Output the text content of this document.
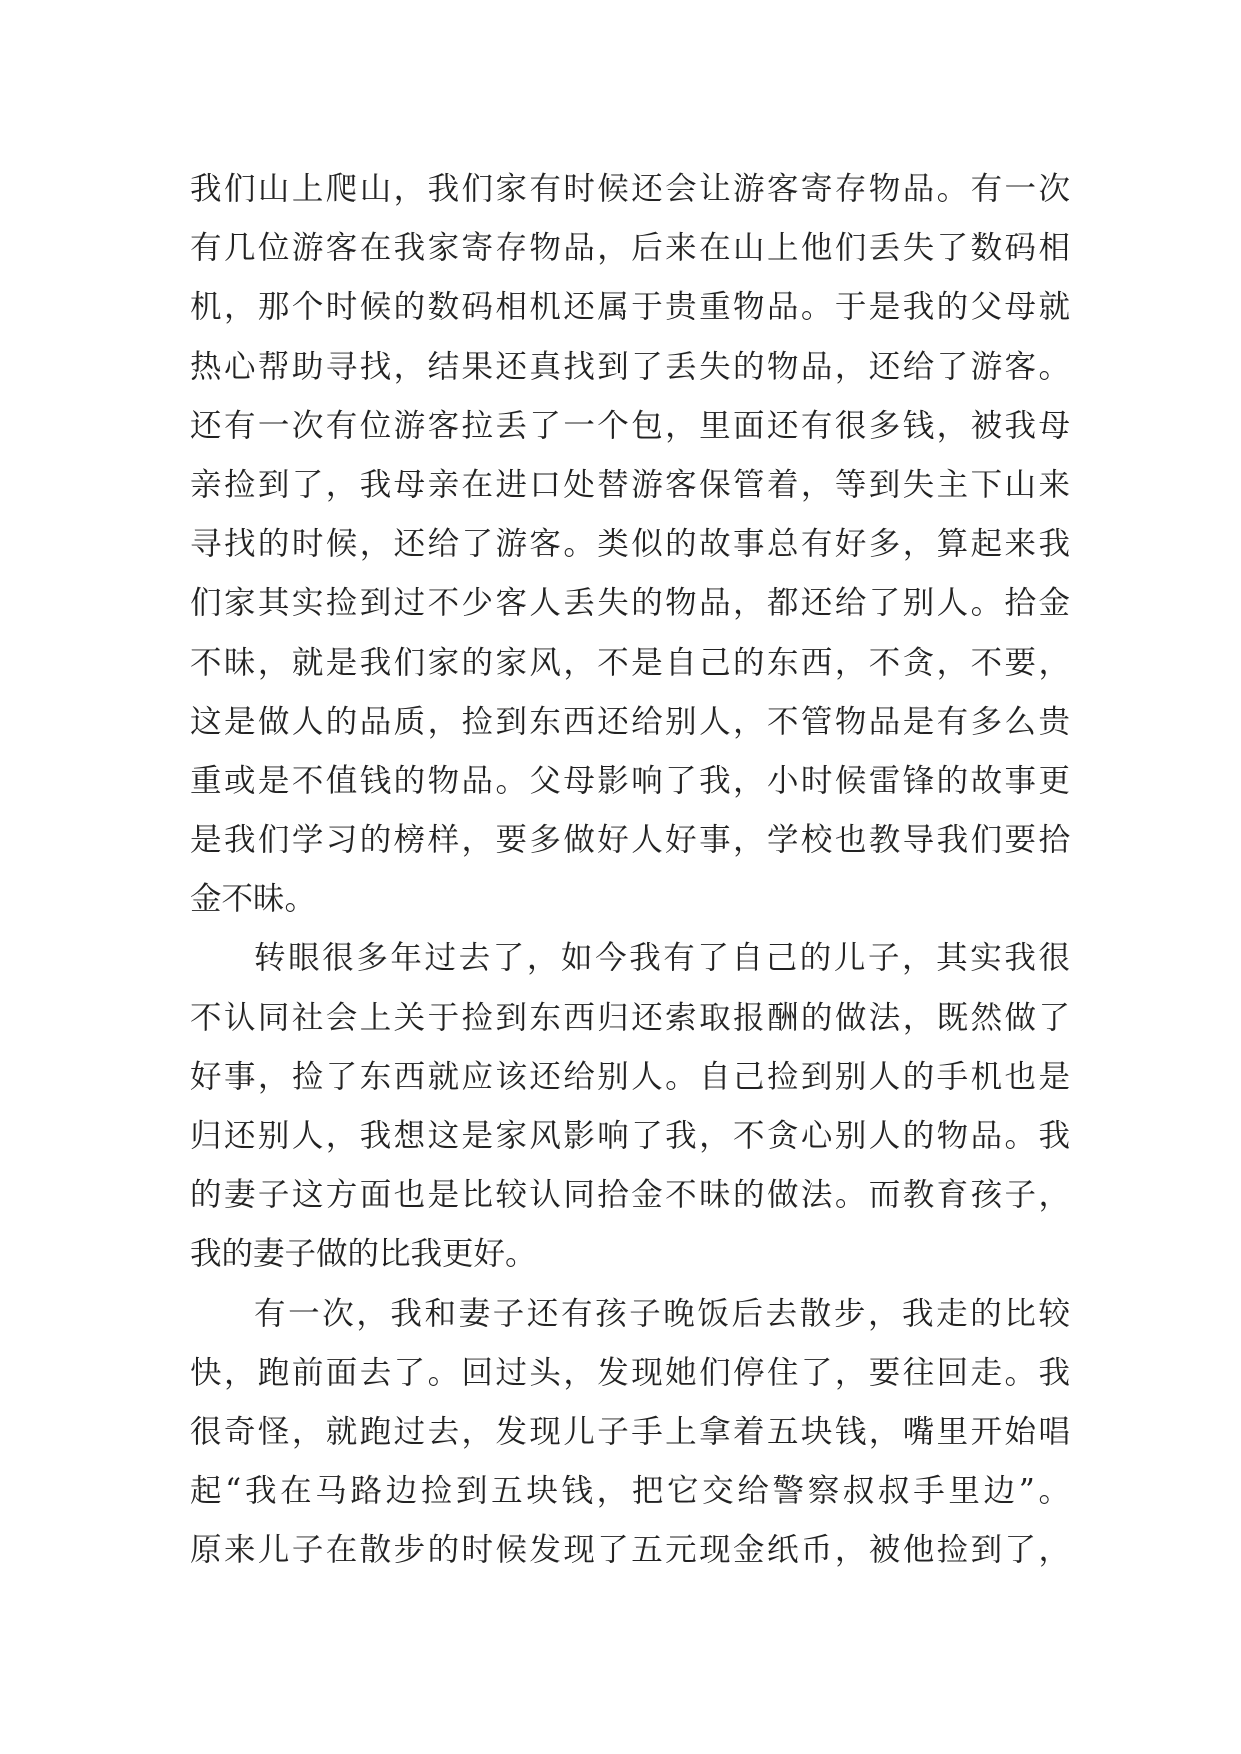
我们山上爬山，我们家有时候还会让游客寄存物品。有一次
有几位游客在我家寄存物品，后来在山上他们丢失了数码相
机，那个时候的数码相机还属于贵重物品。于是我的父母就
热心帮助寻找，结果还真找到了丢失的物品，还给了游客。
还有一次有位游客拉丢了一个包，里面还有很多钱，被我母
亲捡到了，我母亲在进口处替游客保管着，等到失主下山来
寻找的时候，还给了游客。类似的故事总有好多，算起来我
们家其实捡到过不少客人丢失的物品，都还给了别人。拾金
不昧，就是我们家的家风，不是自己的东西，不贪，不要，
这是做人的品质，捡到东西还给别人，不管物品是有多么贵
重或是不值钱的物品。父母影响了我，小时候雷锋的故事更
是我们学习的榜样，要多做好人好事，学校也教导我们要拾
金不昧。
转眼很多年过去了，如今我有了自己的儿子，其实我很
不认同社会上关于捡到东西归还索取报酬的做法，既然做了
好事，捡了东西就应该还给别人。自己捡到别人的手机也是
归还别人，我想这是家风影响了我，不贪心别人的物品。我
的妻子这方面也是比较认同拾金不昧的做法。而教育孩子，
我的妻子做的比我更好。
有一次，我和妻子还有孩子晚饭后去散步，我走的比较
快，跑前面去了。回过头，发现她们停住了，要往回走。我
很奇怪，就跑过去，发现儿子手上拿着五块钱，嘴里开始唱
起“我在马路边捡到五块钱，把它交给警察叔叔手里边”。
原来儿子在散步的时候发现了五元现金纸币，被他捡到了，
